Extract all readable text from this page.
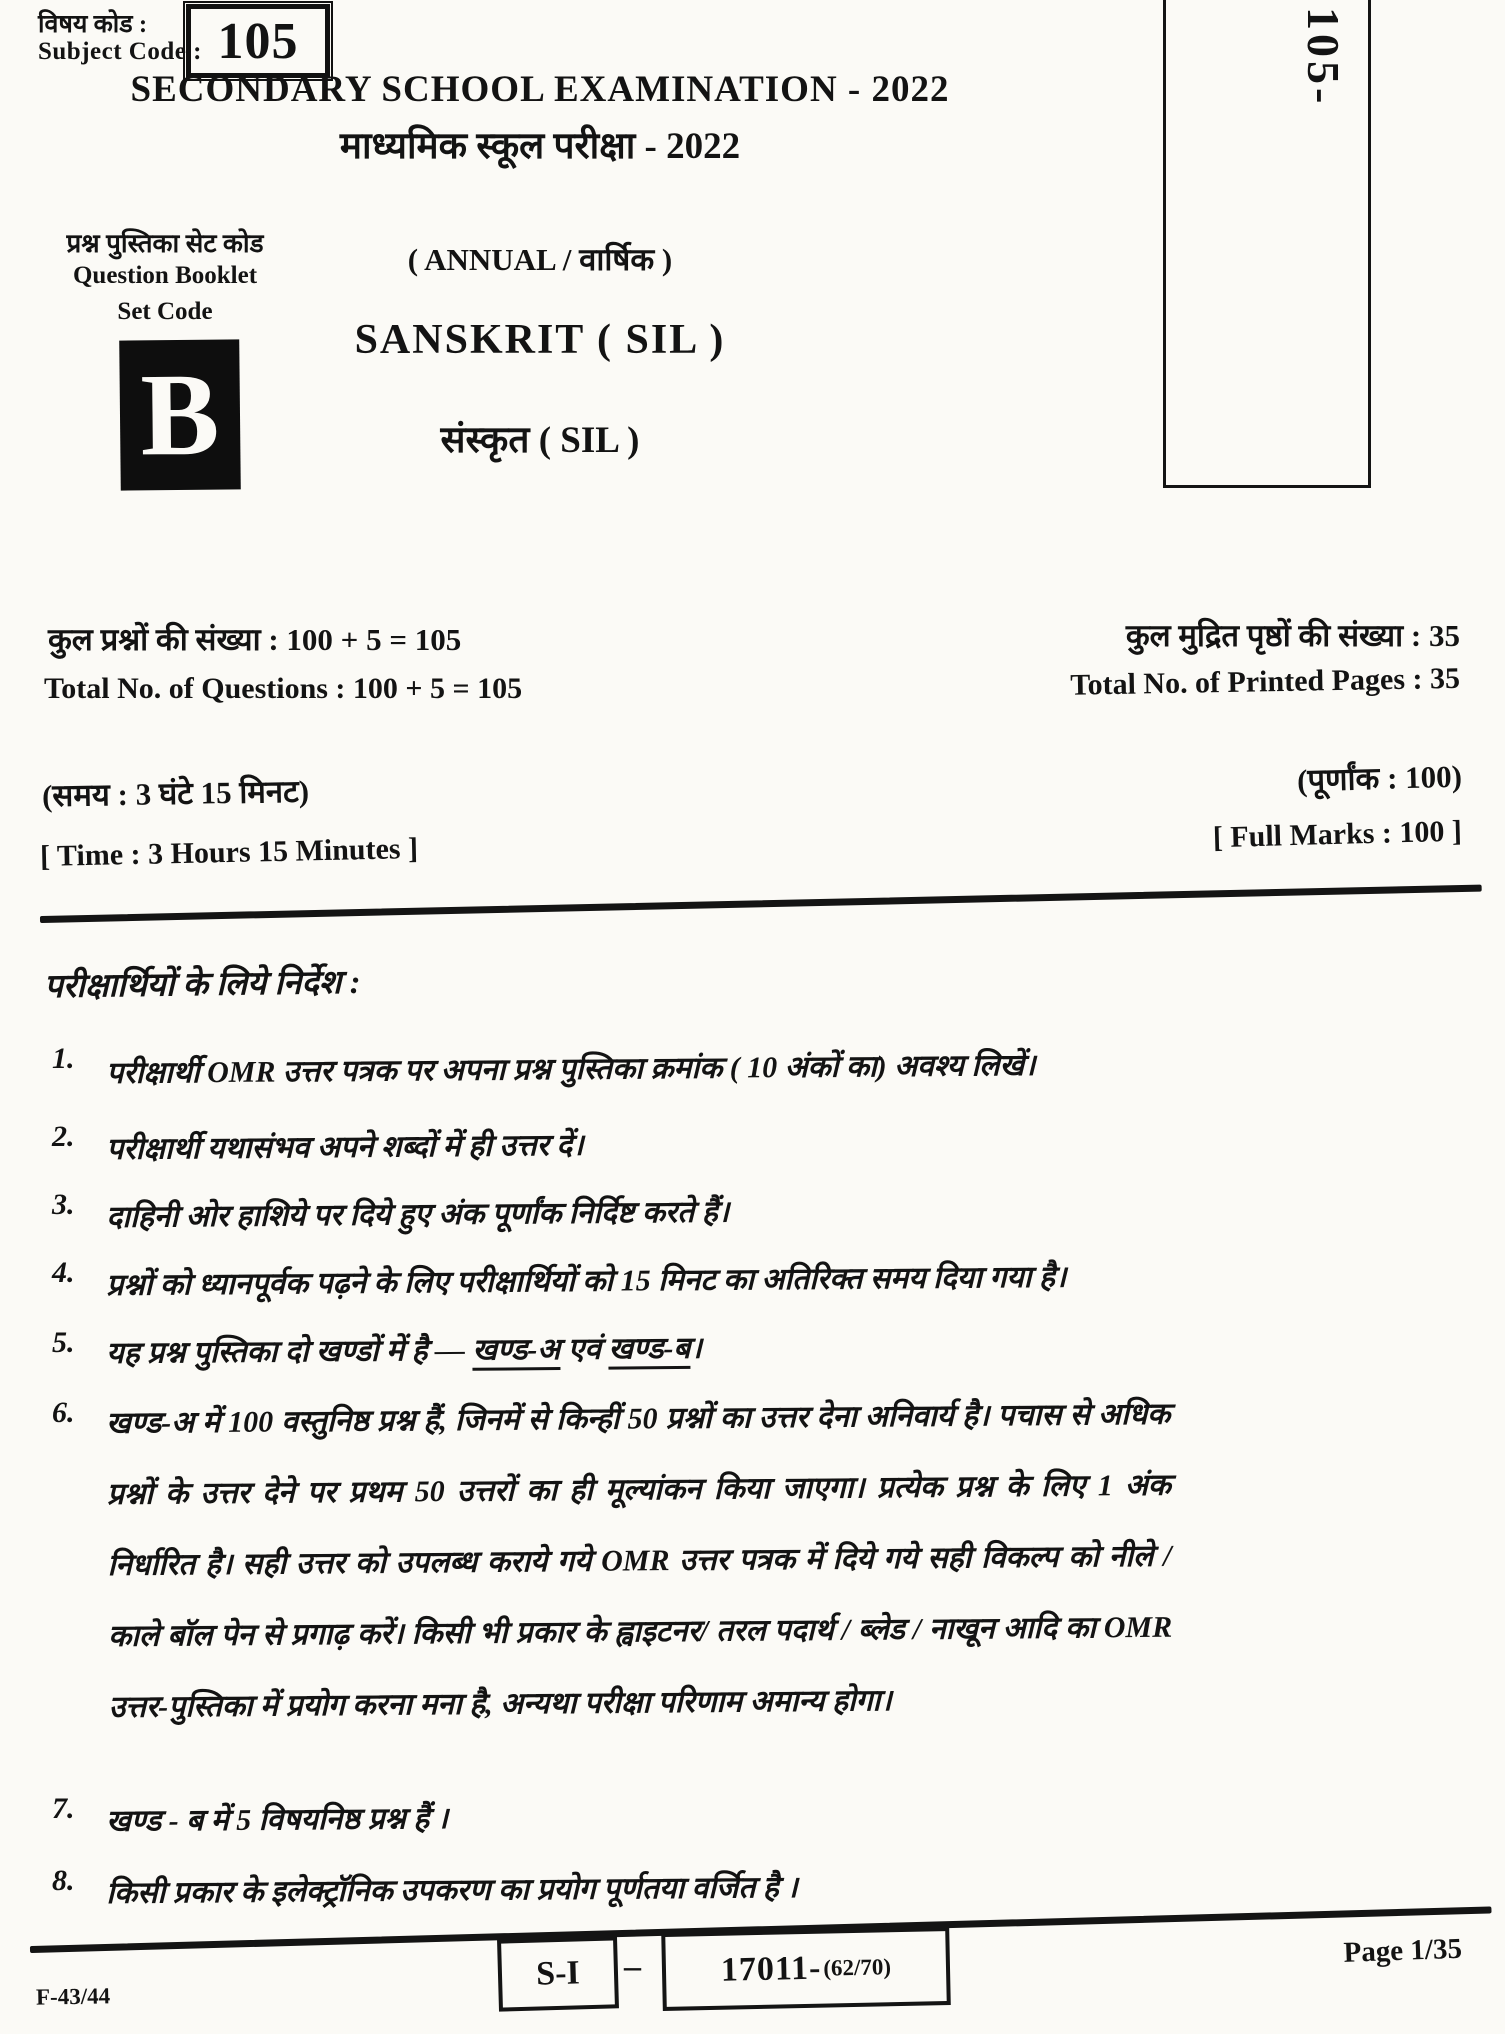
विषय कोड :
Subject Code : 105	105-
SECONDARY SCHOOL EXAMINATION - 2022
माध्यमिक स्कूल परीक्षा - 2022
( ANNUAL / वार्षिक )
SANSKRIT ( SIL )
संस्कृत ( SIL )
प्रश्न पुस्तिका सेट कोड
Question Booklet
Set Code
B
कुल प्रश्नों की संख्या : 100 + 5 = 105
Total No. of Questions : 100 + 5 = 105
कुल मुद्रित पृष्ठों की संख्या : 35
Total No. of Printed Pages : 35
(समय : 3 घंटे 15 मिनट)
[ Time : 3 Hours 15 Minutes ]
(पूर्णांक : 100)
[ Full Marks : 100 ]
परीक्षार्थियों के लिये निर्देश :
1.	परीक्षार्थी OMR उत्तर पत्रक पर अपना प्रश्न पुस्तिका क्रमांक ( 10 अंकों का) अवश्य लिखें।
2.	परीक्षार्थी यथासंभव अपने शब्दों में ही उत्तर दें।
3.	दाहिनी ओर हाशिये पर दिये हुए अंक पूर्णांक निर्दिष्ट करते हैं।
4.	प्रश्नों को ध्यानपूर्वक पढ़ने के लिए परीक्षार्थियों को 15 मिनट का अतिरिक्त समय दिया गया है।
5.	यह प्रश्न पुस्तिका दो खण्डों में है — खण्ड-अ एवं खण्ड-ब।
6.	खण्ड-अ में 100 वस्तुनिष्ठ प्रश्न हैं, जिनमें से किन्हीं 50 प्रश्नों का उत्तर देना अनिवार्य है। पचास से अधिक प्रश्नों के उत्तर देने पर प्रथम 50 उत्तरों का ही मूल्यांकन किया जाएगा। प्रत्येक प्रश्न के लिए 1 अंक निर्धारित है। सही उत्तर को उपलब्ध कराये गये OMR उत्तर पत्रक में दिये गये सही विकल्प को नीले / काले बॉल पेन से प्रगाढ़ करें। किसी भी प्रकार के ह्वाइटनर/ तरल पदार्थ / ब्लेड / नाखून आदि का OMR उत्तर-पुस्तिका में प्रयोग करना मना है, अन्यथा परीक्षा परिणाम अमान्य होगा।
7.	खण्ड - ब में 5 विषयनिष्ठ प्रश्न हैं ।
8.	किसी प्रकार के इलेक्ट्रॉनिक उपकरण का प्रयोग पूर्णतया वर्जित है ।
F-43/44
S-I	– 17011- (62/70)	Page 1/35
